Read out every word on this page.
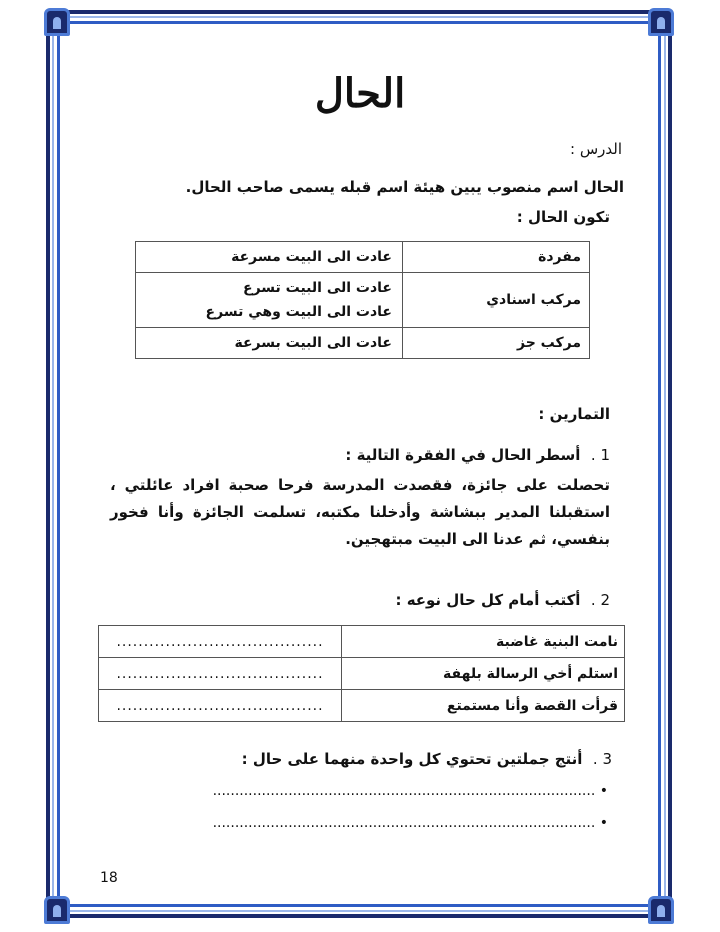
الحال
الدرس :
الحال اسم منصوب يبين هيئة اسم قبله يسمى صاحب الحال.
تكون الحال :
مفردة	عادت الى البيت مسرعة

مركب اسنادي	عادت الى البيت تسرع
عادت الى البيت وهي تسرع

مركب جز	عادت الى البيت بسرعة
التمارين :
1 .  أسطر الحال في الفقرة التالية :
تحصلت على جائزة، فقصدت المدرسة فرحا صحبة افراد عائلتي ، استقبلنا المدير ببشاشة وأدخلنا مكتبه، تسلمت الجائزة وأنا فخور بنفسي، ثم عدنا الى البيت مبتهجين.
2 .  أكتب أمام كل حال نوعه :
نامت البنية غاضبة	......................................
استلم أخي الرسالة بلهفة	......................................
قرأت القصة وأنا مستمتع	......................................
3 .  أنتج جملتين تحتوي كل واحدة منهما على حال :
• ......................................................................................
• ......................................................................................
18
